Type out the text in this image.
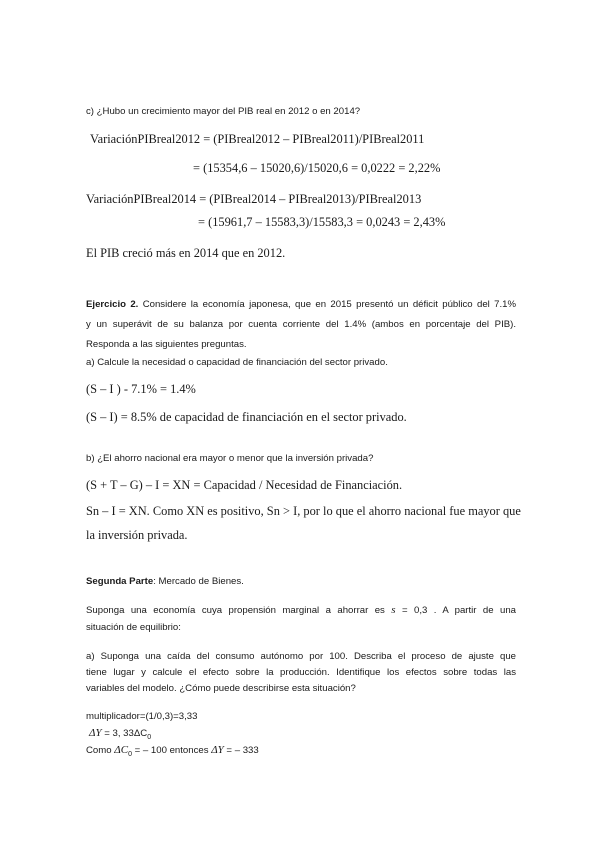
c) ¿Hubo un crecimiento mayor del PIB real en 2012 o en 2014?
VariaciónPIBreal2012 = (PIBreal2012 – PIBreal2011)/PIBreal2011
= (15354,6 – 15020,6)/15020,6 = 0,0222 = 2,22%
VariaciónPIBreal2014 = (PIBreal2014 – PIBreal2013)/PIBreal2013
= (15961,7 – 15583,3)/15583,3 = 0,0243 = 2,43%
El PIB creció más en 2014 que en 2012.
Ejercicio 2. Considere la economía japonesa, que en 2015 presentó un déficit público del 7.1%
y un superávit de su balanza por cuenta corriente del 1.4% (ambos en porcentaje del PIB).
Responda a las siguientes preguntas.
a) Calcule la necesidad o capacidad de financiación del sector privado.
(S – I ) - 7.1% = 1.4%
(S – I) = 8.5% de capacidad de financiación en el sector privado.
b) ¿El ahorro nacional era mayor o menor que la inversión privada?
(S + T – G) – I = XN = Capacidad / Necesidad de Financiación.
Sn – I = XN. Como XN es positivo, Sn > I, por lo que el ahorro nacional fue mayor que
la inversión privada.
Segunda Parte: Mercado de Bienes.
Suponga una economía cuya propensión marginal a ahorrar es s = 0,3 . A partir de una
situación de equilibrio:
a) Suponga una caída del consumo autónomo por 100. Describa el proceso de ajuste que
tiene lugar y calcule el efecto sobre la producción. Identifique los efectos sobre todas las
variables del modelo. ¿Cómo puede describirse esta situación?
multiplicador=(1/0,3)=3,33
ΔY = 3, $33\Delta C_0$
Como $\Delta C_0$ = – 100 entonces ΔY = – 333
